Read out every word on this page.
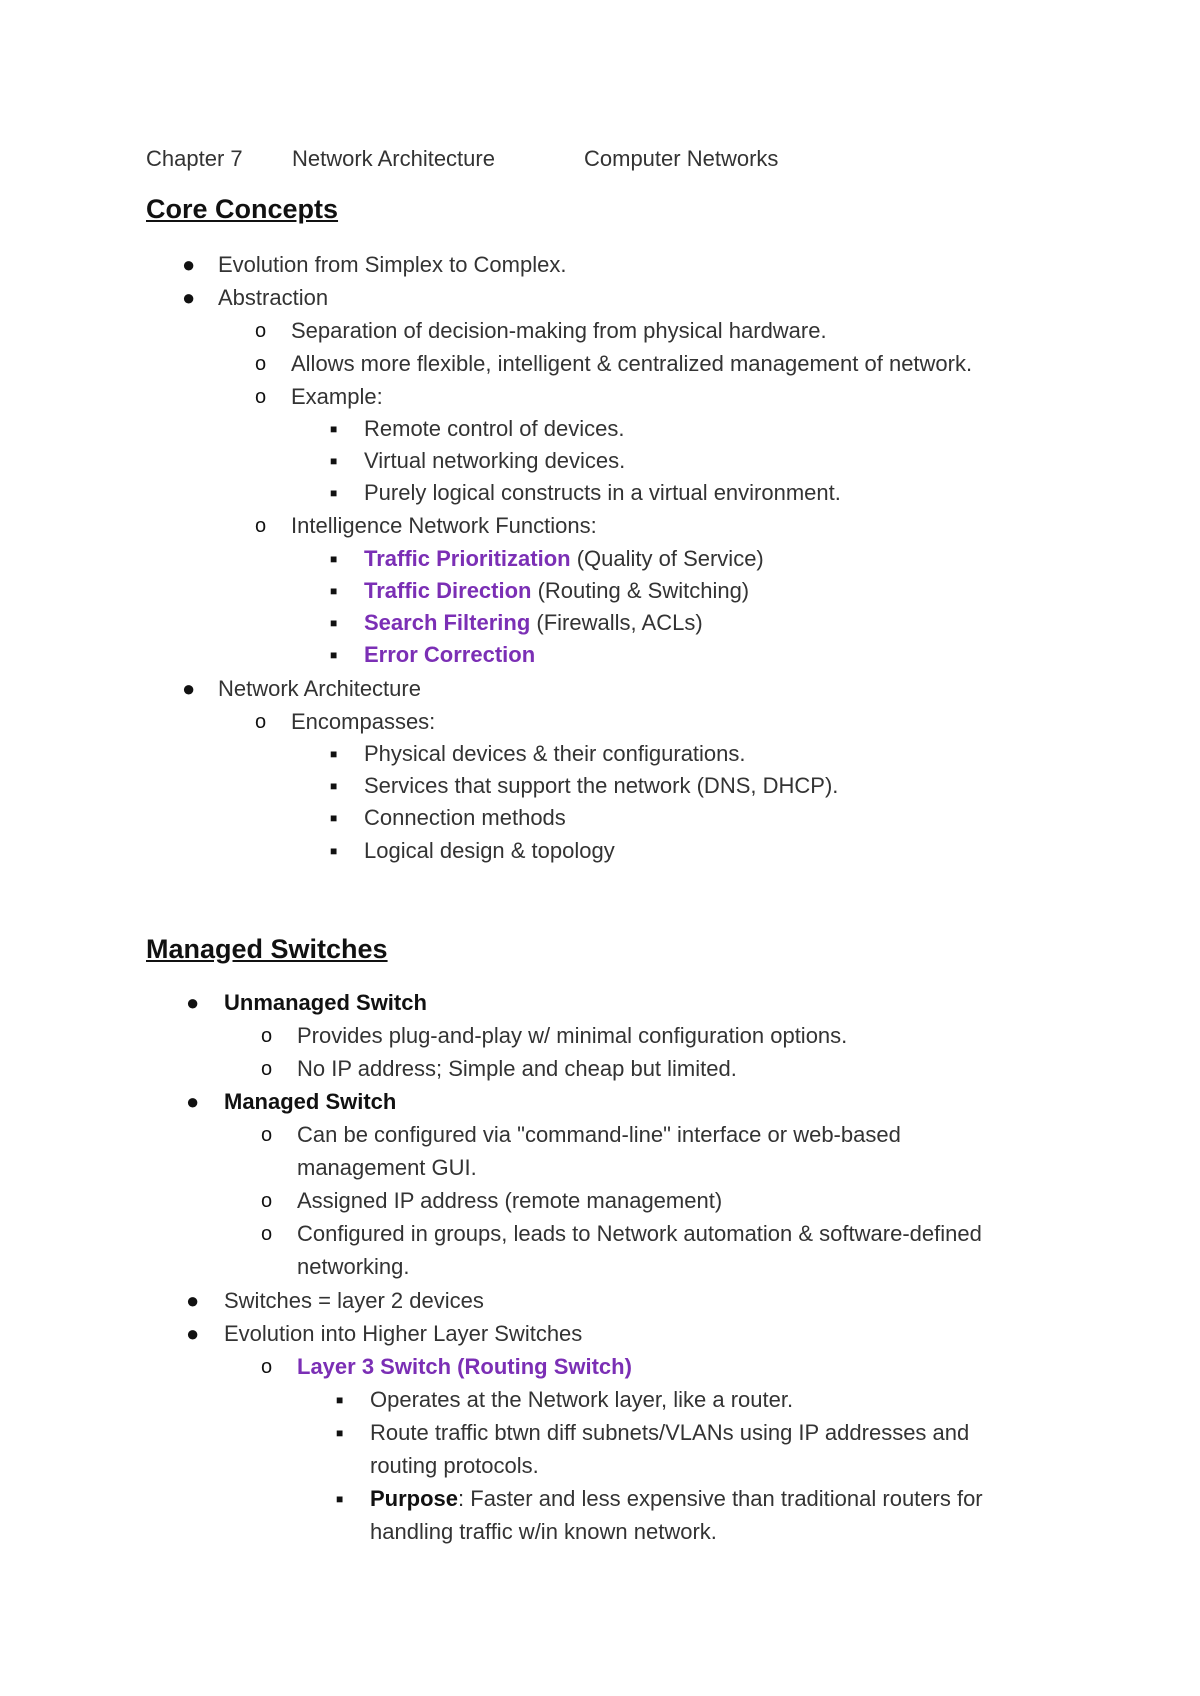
Chapter 7 Network Architecture	Computer Networks
Core Concepts
● Evolution from Simplex to Complex.
● Abstraction
o Separation of decision-making from physical hardware.
o Allows more flexible, intelligent & centralized management of network.
o Example:
■ Remote control of devices.
■ Virtual networking devices.
■ Purely logical constructs in a virtual environment.
o Intelligence Network Functions:
■ Traffic Prioritization (Quality of Service)
■ Traffic Direction (Routing & Switching)
■ Search Filtering (Firewalls, ACLs)
■ Error Correction
● Network Architecture
o Encompasses:
■ Physical devices & their configurations.
■ Services that support the network (DNS, DHCP).
■ Connection methods
■ Logical design & topology
Managed Switches
● Unmanaged Switch
o Provides plug-and-play w/ minimal configuration options.
o No IP address; Simple and cheap but limited.
● Managed Switch
o Can be configured via "command-line" interface or web-based
management GUI.
o Assigned IP address (remote management)
o Configured in groups, leads to Network automation & software-defined
networking.
● Switches = layer 2 devices
● Evolution into Higher Layer Switches
o Layer 3 Switch (Routing Switch)
■ Operates at the Network layer, like a router.
■ Route traffic btwn diff subnets/VLANs using IP addresses and
routing protocols.
■ Purpose: Faster and less expensive than traditional routers for
handling traffic w/in known network.
